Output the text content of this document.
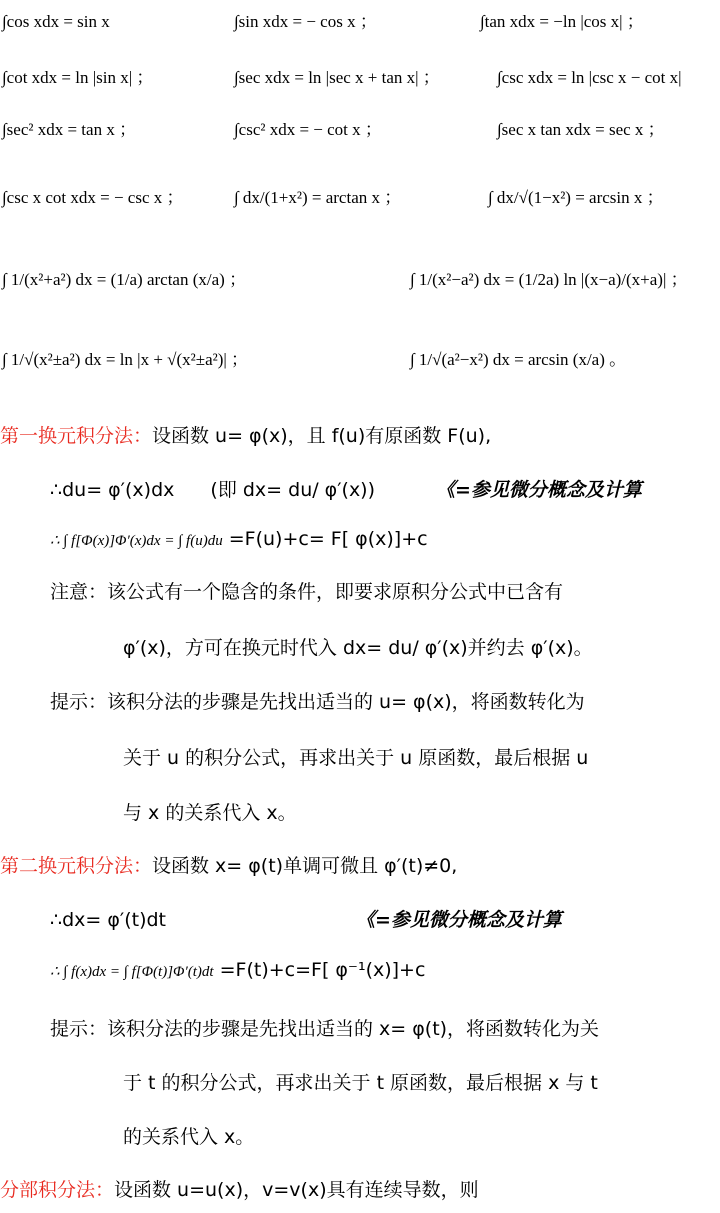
∫cos xdx = sin x	∫sin xdx = − cos x ；	∫tan xdx = −ln |cos x| ；
∫cot xdx = ln |sin x| ；	∫sec xdx = ln |sec x + tan x| ；	∫csc xdx = ln |csc x − cot x|
∫sec² xdx = tan x ；	∫csc² xdx = − cot x ；	∫sec x tan xdx = sec x ；
∫csc x cot xdx = − csc x ；	∫ dx/(1+x²) = arctan x ；	∫ dx/√(1−x²) = arcsin x ；
∫ 1/(x²+a²) dx = (1/a) arctan (x/a) ；	∫ 1/(x²−a²) dx = (1/2a) ln |(x−a)/(x+a)| ；
∫ 1/√(x²±a²) dx = ln |x + √(x²±a²)| ；	∫ 1/√(a²−x²) dx = arcsin (x/a) 。
第一换元积分法：设函数 u= φ(x)，且 f(u)有原函数 F(u),
∴du= φ′(x)dx (即 dx= du/ φ′(x))	《=参见微分概念及计算
∴ ∫ f[Φ(x)]Φ′(x)dx = ∫ f(u)du =F(u)+c= F[ φ(x)]+c
注意：该公式有一个隐含的条件，即要求原积分公式中已含有
φ′(x)，方可在换元时代入 dx= du/ φ′(x)并约去 φ′(x)。
提示：该积分法的步骤是先找出适当的 u= φ(x)，将函数转化为
关于 u 的积分公式，再求出关于 u 原函数，最后根据 u
与 x 的关系代入 x。
第二换元积分法：设函数 x= φ(t)单调可微且 φ′(t)≠0,
∴dx= φ′(t)dt	《=参见微分概念及计算
∴ ∫ f(x)dx = ∫ f[Φ(t)]Φ′(t)dt =F(t)+c=F[ φ⁻¹(x)]+c
提示：该积分法的步骤是先找出适当的 x= φ(t)，将函数转化为关
于 t 的积分公式，再求出关于 t 原函数，最后根据 x 与 t
的关系代入 x。
分部积分法：设函数 u=u(x)，v=v(x)具有连续导数，则
